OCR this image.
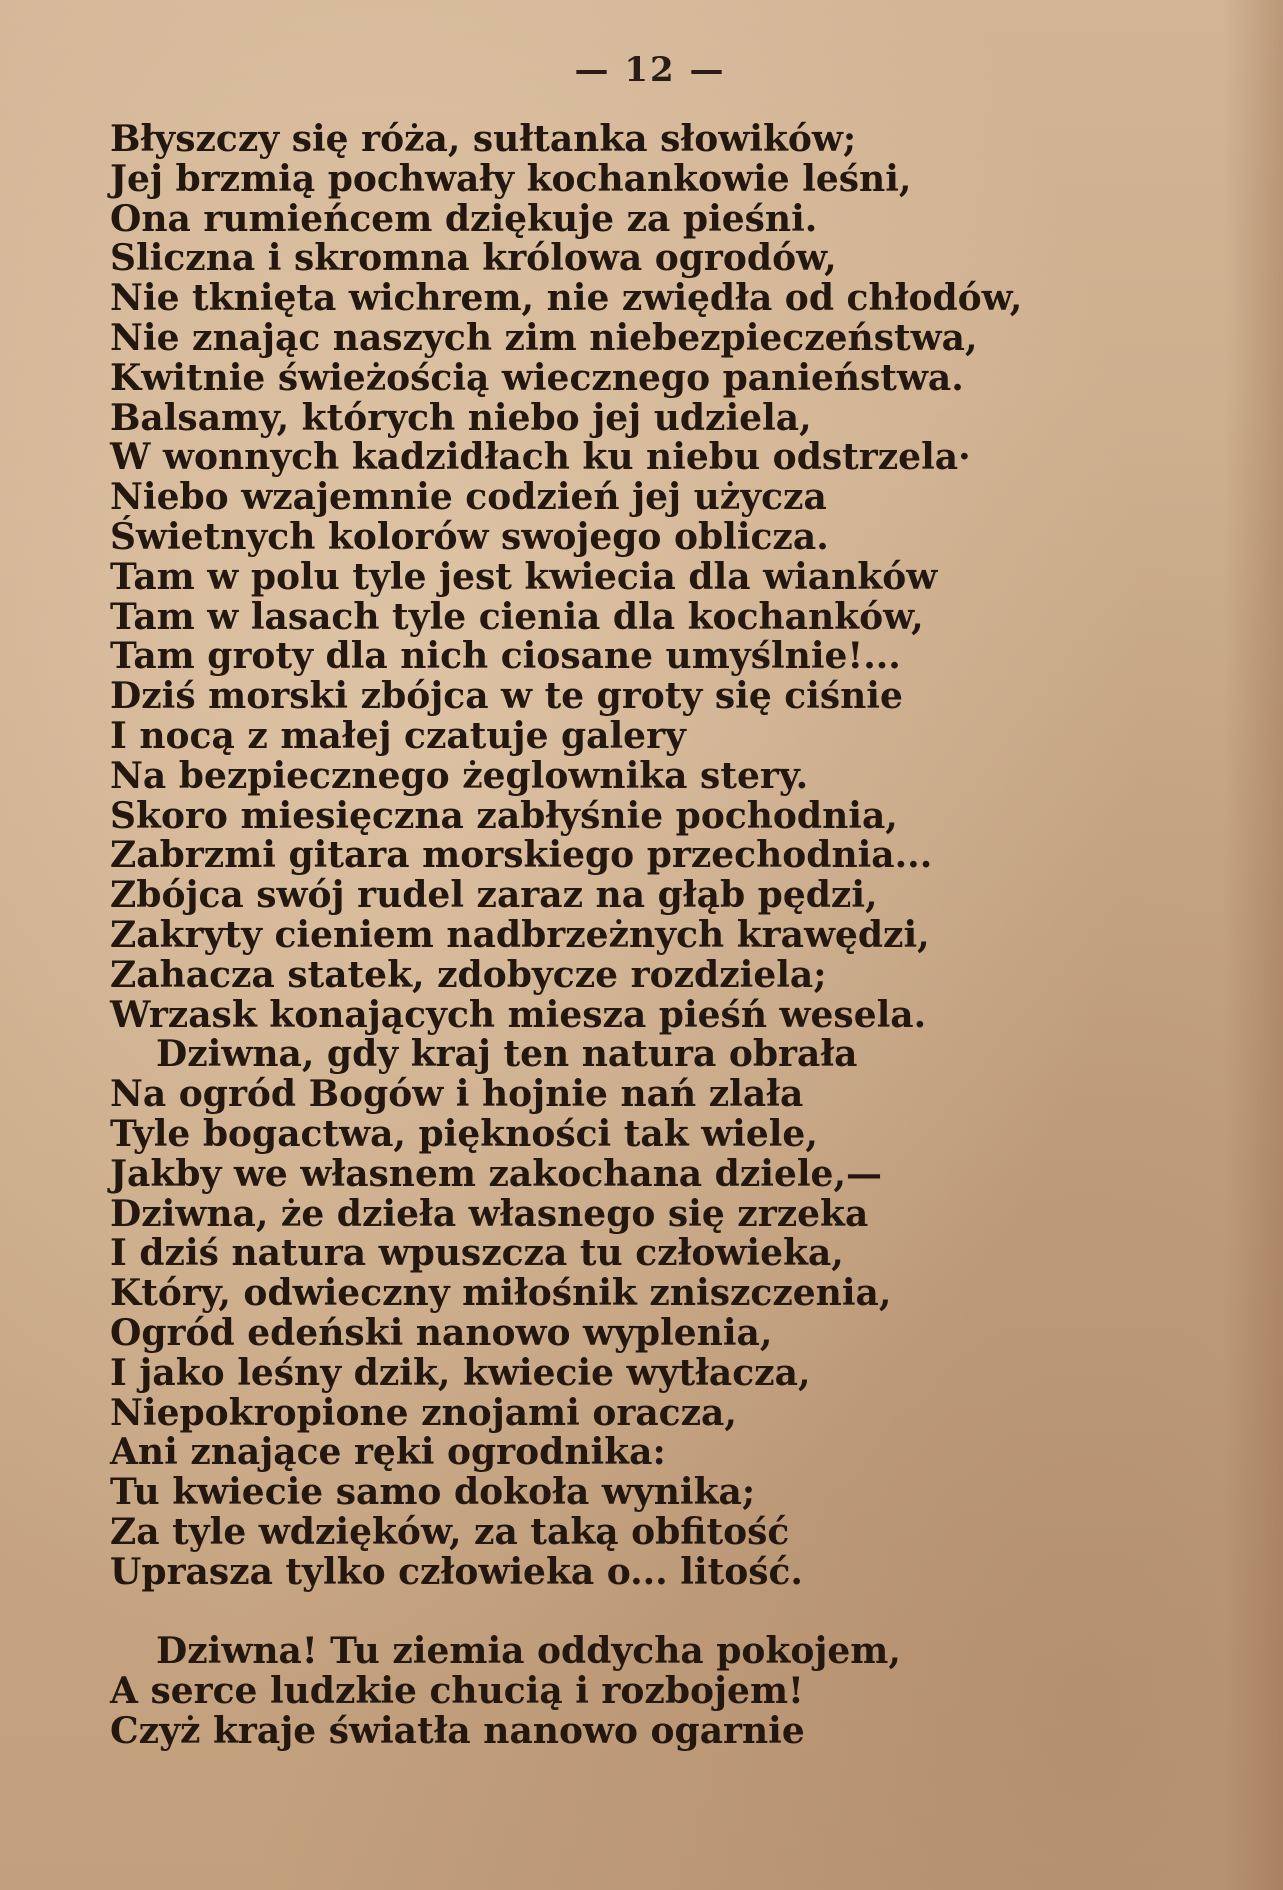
— 12 —
Błyszczy się róża, sułtanka słowików;
Jej brzmią pochwały kochankowie leśni,
Ona rumieńcem dziękuje za pieśni.
Sliczna i skromna królowa ogrodów,
Nie tknięta wichrem, nie zwiędła od chłodów,
Nie znając naszych zim niebezpieczeństwa,
Kwitnie świeżością wiecznego panieństwa.
Balsamy, których niebo jej udziela,
W wonnych kadzidłach ku niebu odstrzela·
Niebo wzajemnie codzień jej użycza
Świetnych kolorów swojego oblicza.
Tam w polu tyle jest kwiecia dla wianków
Tam w lasach tyle cienia dla kochanków,
Tam groty dla nich ciosane umyślnie!...
Dziś morski zbójca w te groty się ciśnie
I nocą z małej czatuje galery
Na bezpiecznego żeglownika stery.
Skoro miesięczna zabłyśnie pochodnia,
Zabrzmi gitara morskiego przechodnia...
Zbójca swój rudel zaraz na głąb pędzi,
Zakryty cieniem nadbrzeżnych krawędzi,
Zahacza statek, zdobycze rozdziela;
Wrzask konających miesza pieśń wesela.
Dziwna, gdy kraj ten natura obrała
Na ogród Bogów i hojnie nań zlała
Tyle bogactwa, piękności tak wiele,
Jakby we własnem zakochana dziele,—
Dziwna, że dzieła własnego się zrzeka
I dziś natura wpuszcza tu człowieka,
Który, odwieczny miłośnik zniszczenia,
Ogród edeński nanowo wyplenia,
I jako leśny dzik, kwiecie wytłacza,
Niepokropione znojami oracza,
Ani znające ręki ogrodnika:
Tu kwiecie samo dokoła wynika;
Za tyle wdzięków, za taką obfitość
Uprasza tylko człowieka o... litość.
Dziwna! Tu ziemia oddycha pokojem,
A serce ludzkie chucią i rozbojem!
Czyż kraje światła nanowo ogarnie
